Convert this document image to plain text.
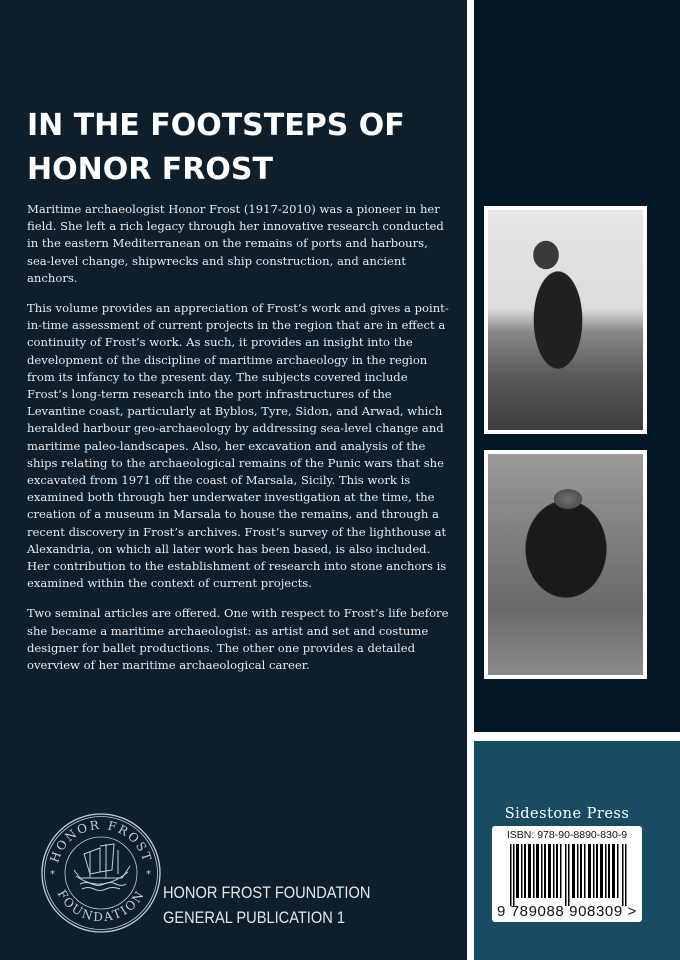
IN THE FOOTSTEPS OF
HONOR FROST

Maritime archaeologist Honor Frost (1917-2010) was a pioneer in her field. She left a rich legacy through her innovative research conducted in the eastern Mediterranean on the remains of ports and harbours, sea-level change, shipwrecks and ship construction, and ancient anchors.

This volume provides an appreciation of Frost’s work and gives a point-in-time assessment of current projects in the region that are in effect a continuity of Frost’s work. As such, it provides an insight into the development of the discipline of maritime archaeology in the region from its infancy to the present day. The subjects covered include Frost’s long-term research into the port infrastructures of the Levantine coast, particularly at Byblos, Tyre, Sidon, and Arwad, which heralded harbour geo-archaeology by addressing sea-level change and maritime paleo-landscapes. Also, her excavation and analysis of the ships relating to the archaeological remains of the Punic wars that she excavated from 1971 off the coast of Marsala, Sicily. This work is examined both through her underwater investigation at the time, the creation of a museum in Marsala to house the remains, and through a recent discovery in Frost’s archives. Frost’s survey of the lighthouse at Alexandria, on which all later work has been based, is also included. Her contribution to the establishment of research into stone anchors is examined within the context of current projects.

Two seminal articles are offered. One with respect to Frost’s life before she became a maritime archaeologist: as artist and set and costume designer for ballet productions. The other one provides a detailed overview of her maritime archaeological career.

HONOR FROST
FOUNDATION
*	*
HONOR FROST FOUNDATION
GENERAL PUBLICATION 1
Sidestone Press
ISBN: 978-90-8890-830-9
9 789088 908309 >
